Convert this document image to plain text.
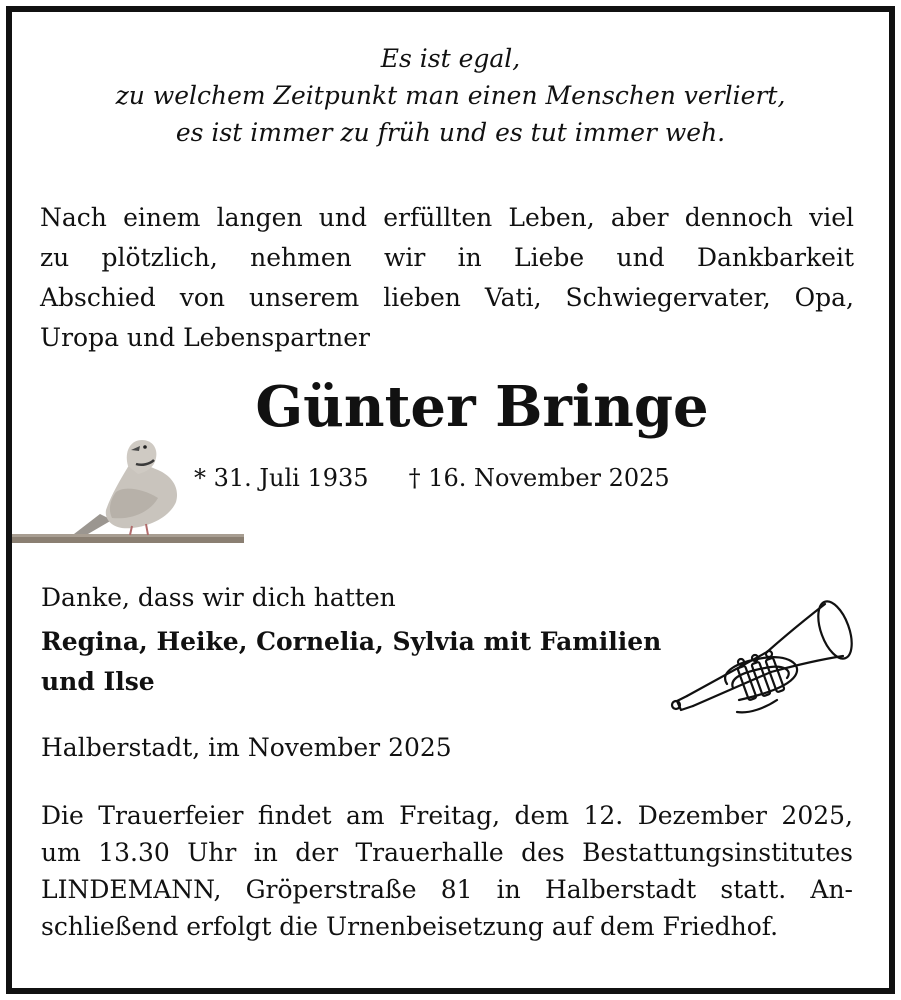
Es ist egal,
zu welchem Zeitpunkt man einen Menschen verliert,
es ist immer zu früh und es tut immer weh.
Nach einem langen und erfüllten Leben, aber dennoch viel
zu plötzlich, nehmen wir in Liebe und Dankbarkeit
Abschied von unserem lieben Vati, Schwiegervater, Opa,
Uropa und Lebenspartner
Günter Bringe
* 31. Juli 1935 † 16. November 2025
Danke, dass wir dich hatten
Regina, Heike, Cornelia, Sylvia mit Familien
und Ilse
Halberstadt, im November 2025
Die Trauerfeier findet am Freitag, dem 12. Dezember 2025,
um 13.30 Uhr in der Trauerhalle des Bestattungsinstitutes
LINDEMANN, Gröperstraße 81 in Halberstadt statt. An-
schließend erfolgt die Urnenbeisetzung auf dem Friedhof.
